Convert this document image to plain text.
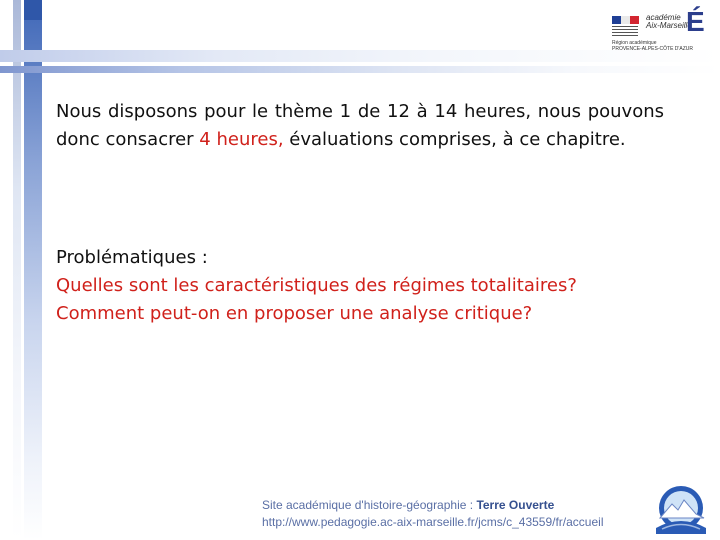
académie
Aix-Marseille
É
Région académique
PROVENCE-ALPES-CÔTE D'AZUR
Nous disposons pour le thème 1 de 12 à 14 heures, nous pouvons donc consacrer 4 heures, évaluations comprises, à ce chapitre.
Problématiques :
Quelles sont les caractéristiques des régimes totalitaires?
Comment peut-on en proposer une analyse critique?
Site académique d'histoire-géographie : Terre Ouverte
http://www.pedagogie.ac-aix-marseille.fr/jcms/c_43559/fr/accueil
